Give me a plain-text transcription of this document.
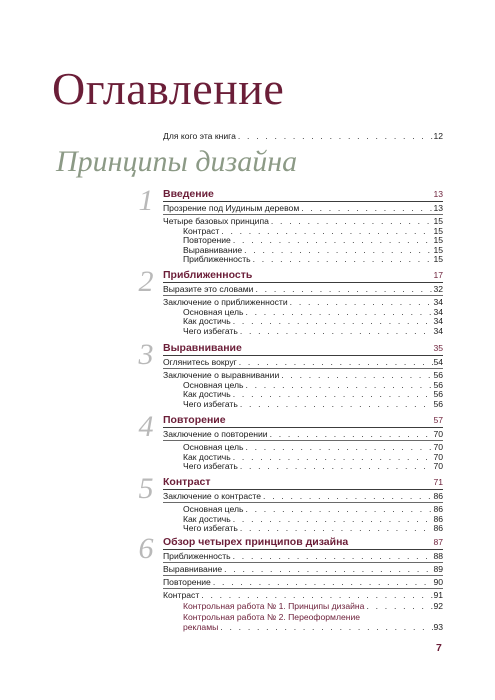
Оглавление
Для кого эта книга . . .	12
Принципы дизайна
1 Введение	13
Прозрение под Иудиным деревом . . .	13
Четыре базовых принципа . . .	15
Контраст . . .	15
Повторение . . .	15
Выравнивание . . .	15
Приближенность . . .	15
2 Приближенность	17
Выразите это словами . . .	32
Заключение о приближенности . . .	34
Основная цель . . .	34
Как достичь . . .	34
Чего избегать . . .	34
3 Выравнивание	35
Оглянитесь вокруг . . .	54
Заключение о выравнивании . . .	56
Основная цель . . .	56
Как достичь . . .	56
Чего избегать . . .	56
4 Повторение	57
Заключение о повторении . . .	70
Основная цель . . .	70
Как достичь . . .	70
Чего избегать . . .	70
5 Контраст	71
Заключение о контрасте . . .	86
Основная цель . . .	86
Как достичь . . .	86
Чего избегать . . .	86
6 Обзор четырех принципов дизайна	87
Приближенность . . .	88
Выравнивание . . .	89
Повторение . . .	90
Контраст . . .	91
Контрольная работа № 1. Принципы дизайна . . .	92
Контрольная работа № 2. Переоформление
рекламы . . .	93
7
